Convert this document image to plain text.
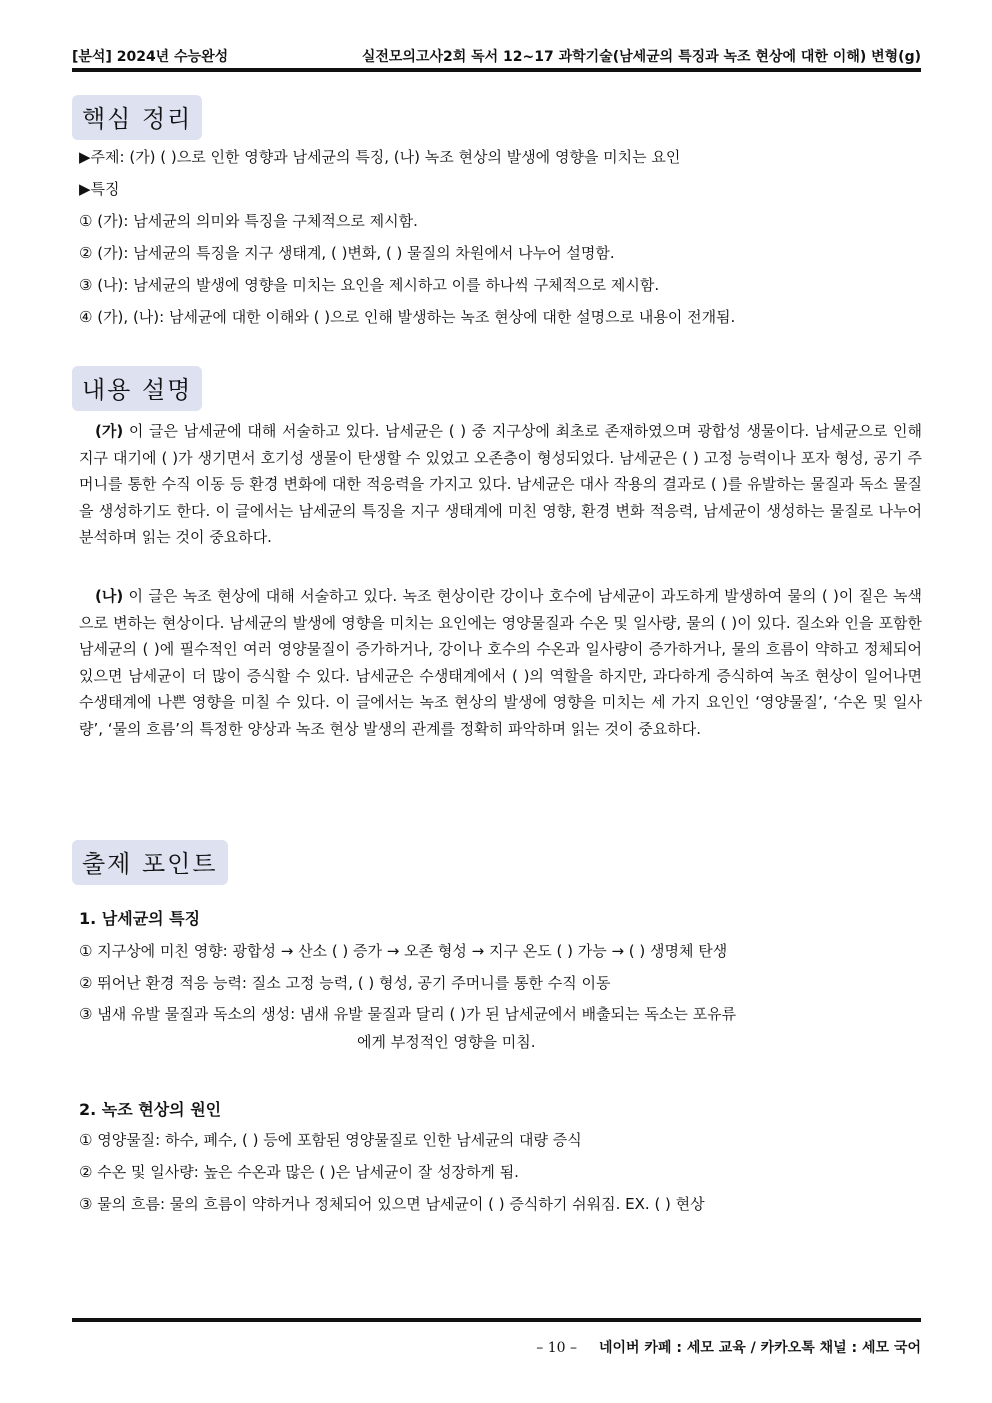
[분석] 2024년 수능완성	실전모의고사2회 독서 12~17 과학기술(남세균의 특징과 녹조 현상에 대한 이해) 변형(g)
핵심 정리
▶주제: (가) ( )으로 인한 영향과 남세균의 특징, (나) 녹조 현상의 발생에 영향을 미치는 요인
▶특징
① (가): 남세균의 의미와 특징을 구체적으로 제시함.
② (가): 남세균의 특징을 지구 생태계, ( )변화, ( ) 물질의 차원에서 나누어 설명함.
③ (나): 남세균의 발생에 영향을 미치는 요인을 제시하고 이를 하나씩 구체적으로 제시함.
④ (가), (나): 남세균에 대한 이해와 ( )으로 인해 발생하는 녹조 현상에 대한 설명으로 내용이 전개됨.
내용 설명

(가) 이 글은 남세균에 대해 서술하고 있다. 남세균은 ( ) 중 지구상에 최초로 존재하였으며 광합성 생물이다. 남세균으로 인해 지구 대기에 ( )가 생기면서 호기성 생물이 탄생할 수 있었고 오존층이 형성되었다. 남세균은 ( ) 고정 능력이나 포자 형성, 공기 주머니를 통한 수직 이동 등 환경 변화에 대한 적응력을 가지고 있다. 남세균은 대사 작용의 결과로 ( )를 유발하는 물질과 독소 물질을 생성하기도 한다. 이 글에서는 남세균의 특징을 지구 생태계에 미친 영향, 환경 변화 적응력, 남세균이 생성하는 물질로 나누어 분석하며 읽는 것이 중요하다.

(나) 이 글은 녹조 현상에 대해 서술하고 있다. 녹조 현상이란 강이나 호수에 남세균이 과도하게 발생하여 물의 ( )이 짙은 녹색으로 변하는 현상이다. 남세균의 발생에 영향을 미치는 요인에는 영양물질과 수온 및 일사량, 물의 ( )이 있다. 질소와 인을 포함한 남세균의 ( )에 필수적인 여러 영양물질이 증가하거나, 강이나 호수의 수온과 일사량이 증가하거나, 물의 흐름이 약하고 정체되어 있으면 남세균이 더 많이 증식할 수 있다. 남세균은 수생태계에서 ( )의 역할을 하지만, 과다하게 증식하여 녹조 현상이 일어나면 수생태계에 나쁜 영향을 미칠 수 있다. 이 글에서는 녹조 현상의 발생에 영향을 미치는 세 가지 요인인 ‘영양물질’, ‘수온 및 일사량’, ‘물의 흐름’의 특정한 양상과 녹조 현상 발생의 관계를 정확히 파악하며 읽는 것이 중요하다.

출제 포인트
1. 남세균의 특징
① 지구상에 미친 영향: 광합성 → 산소 ( ) 증가 → 오존 형성 → 지구 온도 ( ) 가능 → ( ) 생명체 탄생
② 뛰어난 환경 적응 능력: 질소 고정 능력, ( ) 형성, 공기 주머니를 통한 수직 이동
③ 냄새 유발 물질과 독소의 생성: 냄새 유발 물질과 달리 ( )가 된 남세균에서 배출되는 독소는 포유류
에게 부정적인 영향을 미침.
2. 녹조 현상의 원인
① 영양물질: 하수, 폐수, ( ) 등에 포함된 영양물질로 인한 남세균의 대량 증식
② 수온 및 일사량: 높은 수온과 많은 ( )은 남세균이 잘 성장하게 됨.
③ 물의 흐름: 물의 흐름이 약하거나 정체되어 있으면 남세균이 ( ) 증식하기 쉬워짐. EX. ( ) 현상
– 10 – 네이버 카페 : 세모 교육 / 카카오톡 채널 : 세모 국어
